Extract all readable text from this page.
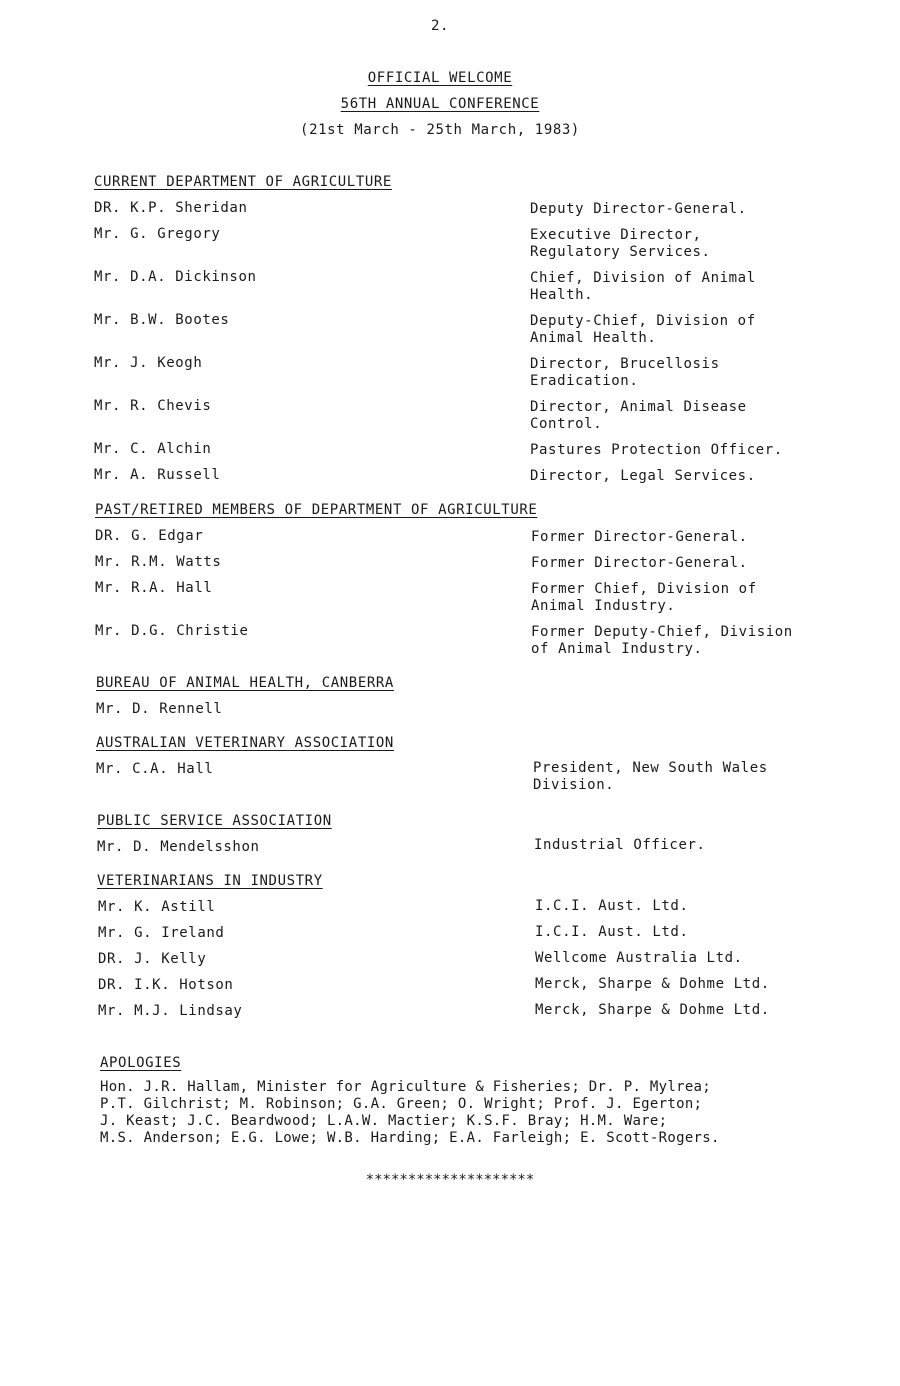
2.
OFFICIAL WELCOME
56TH ANNUAL CONFERENCE
(21st March - 25th March, 1983)
CURRENT DEPARTMENT OF AGRICULTURE
DR. K.P. Sheridan	Deputy Director-General.
Mr. G. Gregory	Executive Director,
Regulatory Services.
Mr. D.A. Dickinson	Chief, Division of Animal
Health.
Mr. B.W. Bootes	Deputy-Chief, Division of
Animal Health.
Mr. J. Keogh	Director, Brucellosis
Eradication.
Mr. R. Chevis	Director, Animal Disease
Control.
Mr. C. Alchin	Pastures Protection Officer.
Mr. A. Russell	Director, Legal Services.
PAST/RETIRED MEMBERS OF DEPARTMENT OF AGRICULTURE
DR. G. Edgar	Former Director-General.
Mr. R.M. Watts	Former Director-General.
Mr. R.A. Hall	Former Chief, Division of
Animal Industry.
Mr. D.G. Christie	Former Deputy-Chief, Division
of Animal Industry.
BUREAU OF ANIMAL HEALTH, CANBERRA
Mr. D. Rennell
AUSTRALIAN VETERINARY ASSOCIATION
Mr. C.A. Hall	President, New South Wales
Division.
PUBLIC SERVICE ASSOCIATION
Mr. D. Mendelsshon	Industrial Officer.
VETERINARIANS IN INDUSTRY
Mr. K. Astill	I.C.I. Aust. Ltd.
Mr. G. Ireland	I.C.I. Aust. Ltd.
DR. J. Kelly	Wellcome Australia Ltd.
DR. I.K. Hotson	Merck, Sharpe & Dohme Ltd.
Mr. M.J. Lindsay	Merck, Sharpe & Dohme Ltd.
APOLOGIES
Hon. J.R. Hallam, Minister for Agriculture & Fisheries; Dr. P. Mylrea;
P.T. Gilchrist; M. Robinson; G.A. Green; O. Wright; Prof. J. Egerton;
J. Keast; J.C. Beardwood; L.A.W. Mactier; K.S.F. Bray; H.M. Ware;
M.S. Anderson; E.G. Lowe; W.B. Harding; E.A. Farleigh; E. Scott-Rogers.
********************
